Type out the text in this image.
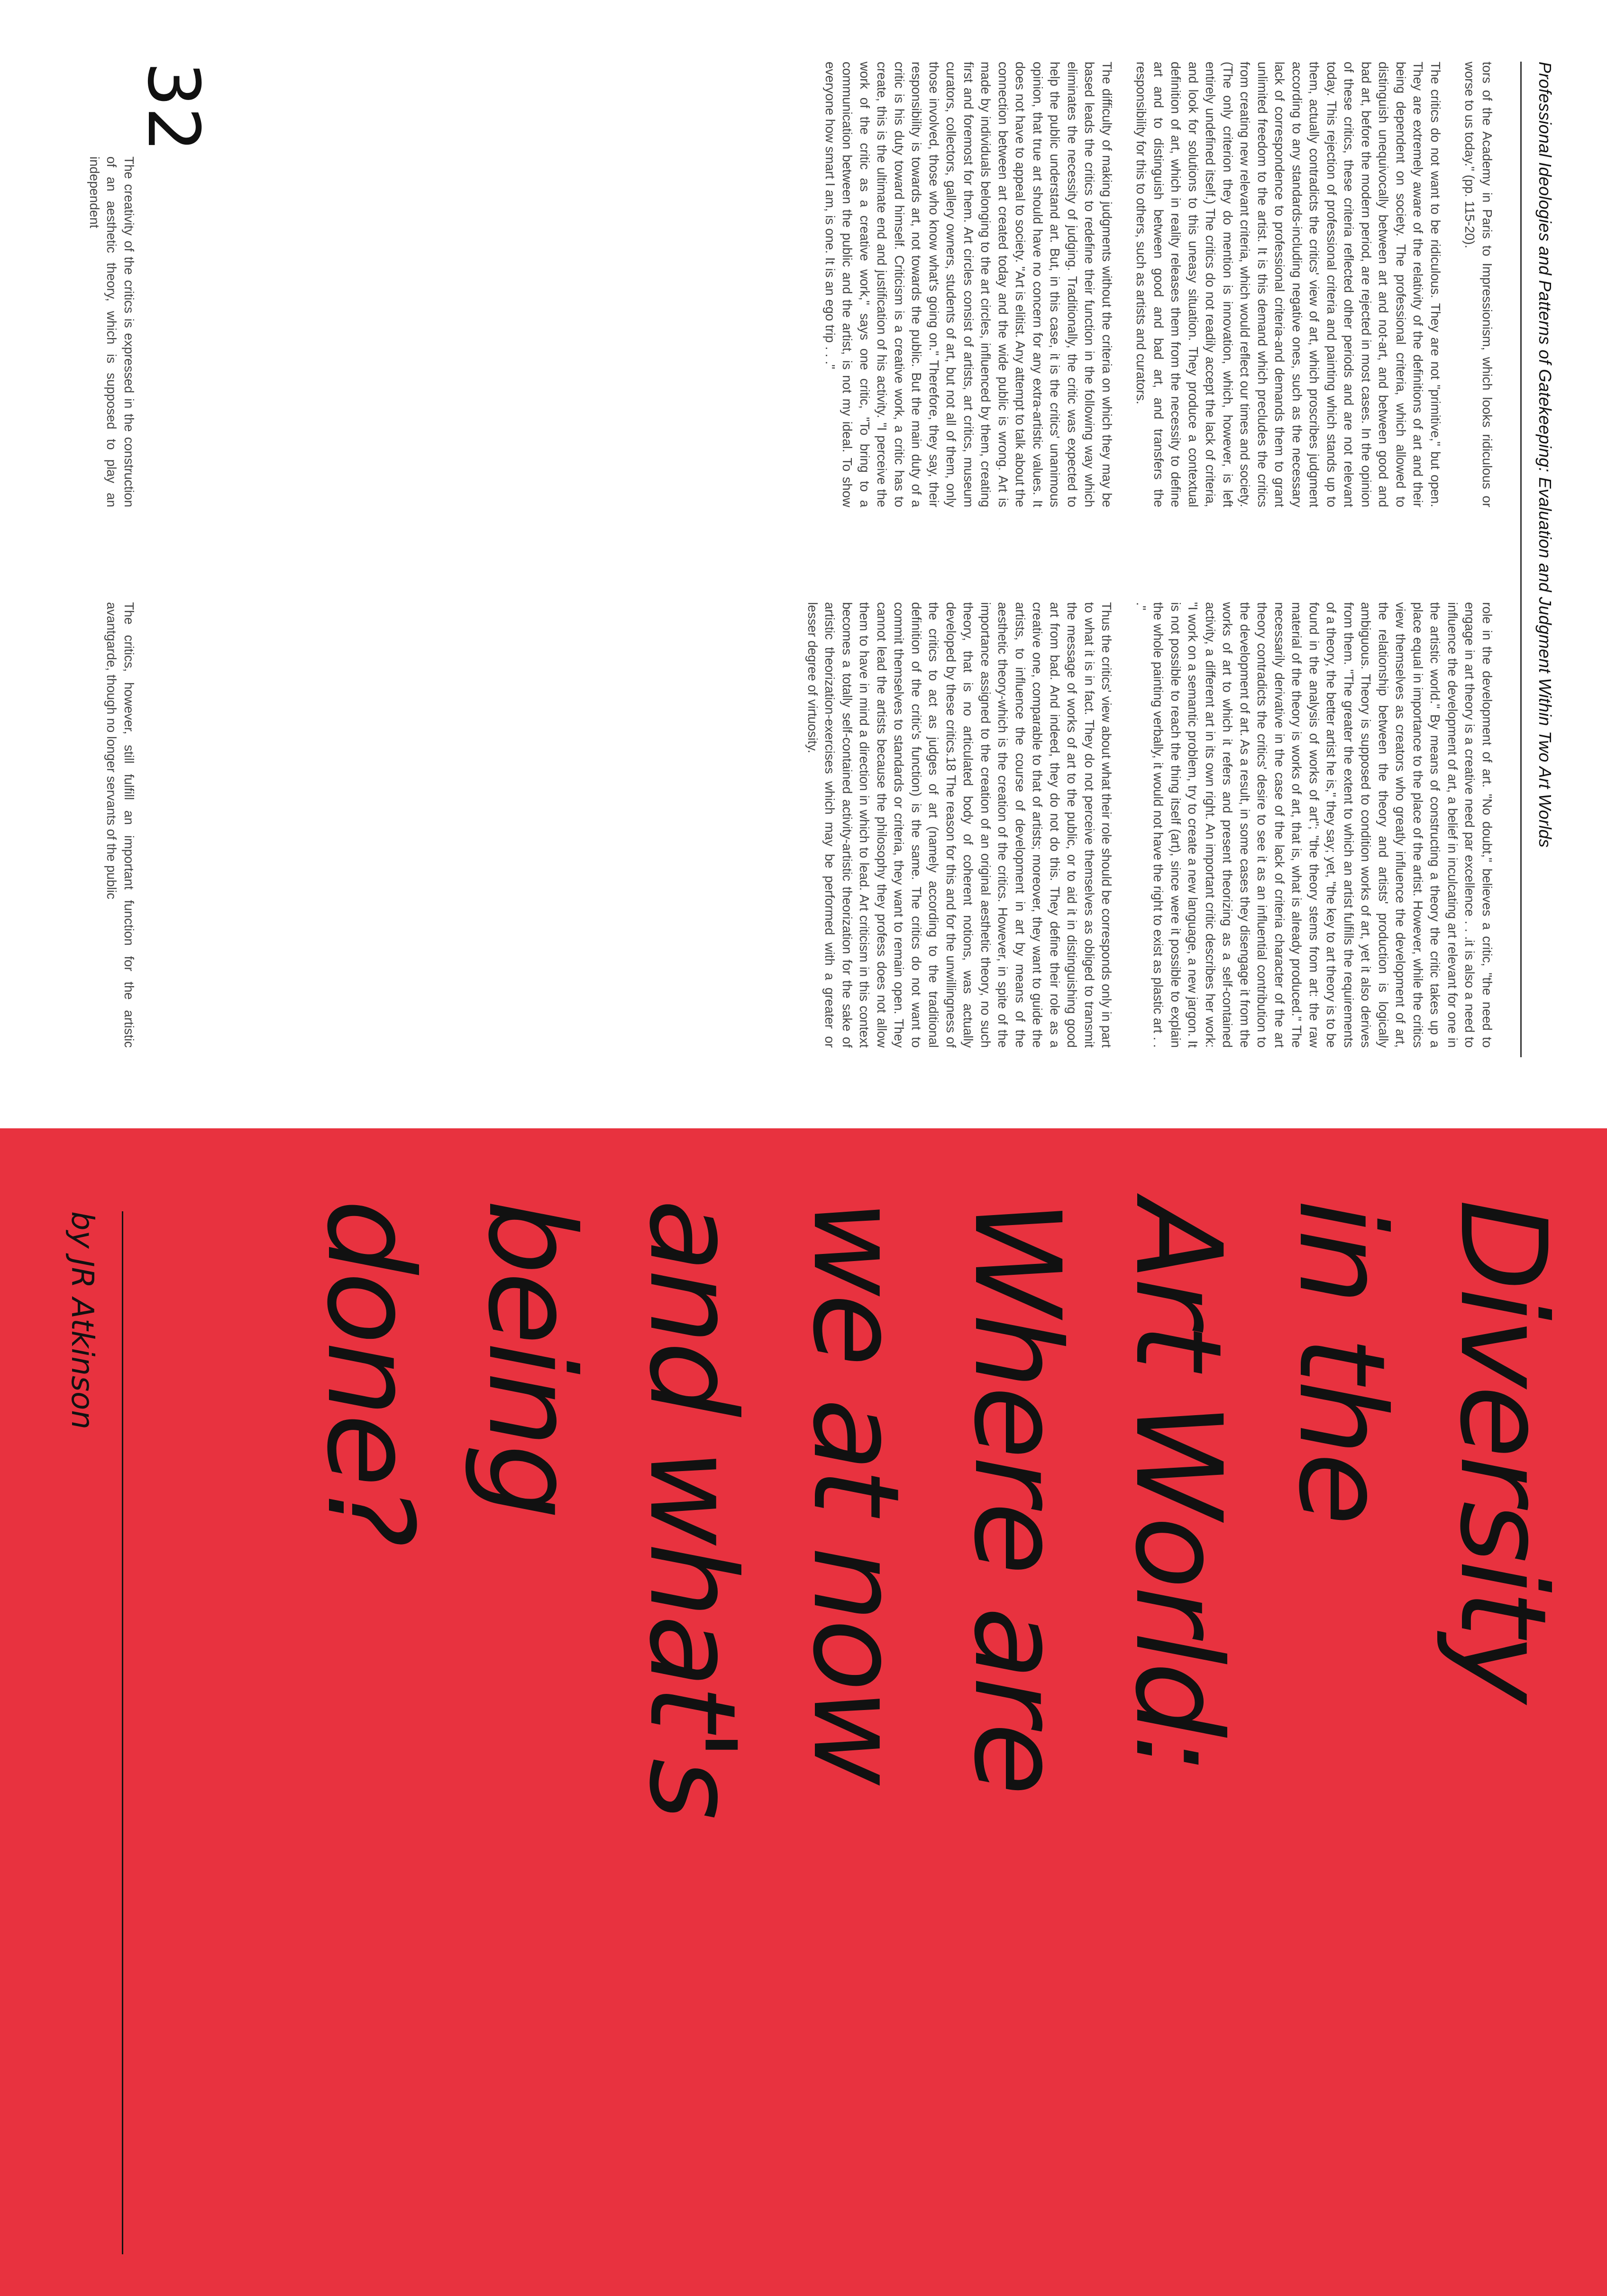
Professional Ideologies and Patterns of Gatekeeping: Evaluation and Judgment Within Two Art Worlds

tors of the Academy in Paris to Impressionism, which looks ridiculous or worse to us today." (pp. 115-20).

The critics do not want to be ridiculous. They are not "primitive," but open. They are extremely aware of the relativity of the definitions of art and their being dependent on society. The professional criteria, which allowed to distinguish unequivocally between art and not-art, and between good and bad art, before the modern period, are rejected in most cases. In the opinion of these critics, these criteria reflected other periods and are not relevant today. This rejection of professional criteria and painting which stands up to them, actually contradicts the critics' view of art, which proscribes judgment according to any standards-including negative ones, such as the necessary lack of correspondence to professional criteria-and demands them to grant unlimited freedom to the artist. It is this demand which precludes the critics from creating new relevant criteria, which would reflect our times and society. (The only criterion they do mention is innovation, which, however, is left entirely undefined itself.) The critics do not readily accept the lack of criteria, and look for solutions to this uneasy situation. They produce a contextual definition of art, which in reality releases them from the necessity to define art and to distinguish between good and bad art, and transfers the responsibility for this to others, such as artists and curators.

The difficulty of making judgments without the criteria on which they may be based leads the critics to redefine their function in the following way which eliminates the necessity of judging. Traditionally, the critic was expected to help the public understand art. But, in this case, it is the critics' unanimous opinion, that true art should have no concern for any extra-artistic values. It does not have to appeal to society. "Art is elitist. Any attempt to talk about the connection between art created today and the wide public is wrong. Art is made by individuals belonging to the art circles, influenced by them, creating first and foremost for them. Art circles consist of artists, art critics, museum curators, collectors, gallery owners, students of art, but not all of them, only those involved, those who know what's going on." Therefore, they say, their responsibility is towards art, not towards the public. But the main duty of a critic is his duty toward himself. Criticism is a creative work, a critic has to create, this is the ultimate end and justification of his activity. "I perceive the work of the critic as a creative work," says one critic, "To bring to a communication between the public and the artist, is not my ideal. To show everyone how smart I am, is one. It is an ego trip . . ."

role in the development of art. "No doubt," believes a critic, "the need to engage in art theory is a creative need par excellence . . .it is also a need to influence the development of art, a belief in inculcating art relevant for one in the artistic world." By means of constructing a theory the critic takes up a place equal in importance to the place of the artist. However, while the critics view themselves as creators who greatly influence the development of art, the relationship between the theory and artists' production is logically ambiguous. Theory is supposed to condition works of art, yet it also derives from them. "The greater the extent to which an artist fulfills the requirements of a theory, the better artist he is," they say; yet, "the key to art theory is to be found in the analysis of works of art"; "the theory stems from art: the raw material of the theory is works of art, that is, what is already produced." The necessarily derivative in the case of the lack of criteria character of the art theory contradicts the critics' desire to see it as an influential contribution to the development of art. As a result, in some cases they disengage it from the works of art to which it refers and present theorizing as a self-contained activity, a different art in its own right. An important critic describes her work: "I work on a semantic problem, try to create a new language, a new jargon. It is not possible to reach the thing itself (art), since were it possible to explain the whole painting verbally, it would not have the right to exist as plastic art . . ."

Thus the critics' view about what their role should be corresponds only in part to what it is in fact. They do not perceive themselves as obliged to transmit the message of works of art to the public, or to aid it in distinguishing good art from bad. And indeed, they do not do this. They define their role as a creative one, comparable to that of artists; moreover, they want to guide the artists, to influence the course of development in art by means of the aesthetic theory-which is the creation of the critics. However, in spite of the importance assigned to the creation of an original aesthetic theory, no such theory, that is no articulated body of coherent notions, was actually developed by these critics.18 The reason for this and for the unwillingness of the critics to act as judges of art (namely according to the traditional definition of the critic's function) is the same. The critics do not want to commit themselves to standards or criteria, they want to remain open. They cannot lead the artists because the philosophy they profess does not allow them to have in mind a direction in which to lead. Art criticism in this context becomes a totally self-contained activity-artistic theorization for the sake of artistic theorization-exercises which may be performed with a greater or lesser degree of virtuosity.

32
The creativity of the critics is expressed in the construction of an aesthetic theory, which is supposed to play an independent
The critics, however, still fulfill an important function for the artistic avantgarde, though no longer servants of the public
Diversity
in the
Art World:
Where are
we at now
and what's
being
done?
by JR Atkinson
